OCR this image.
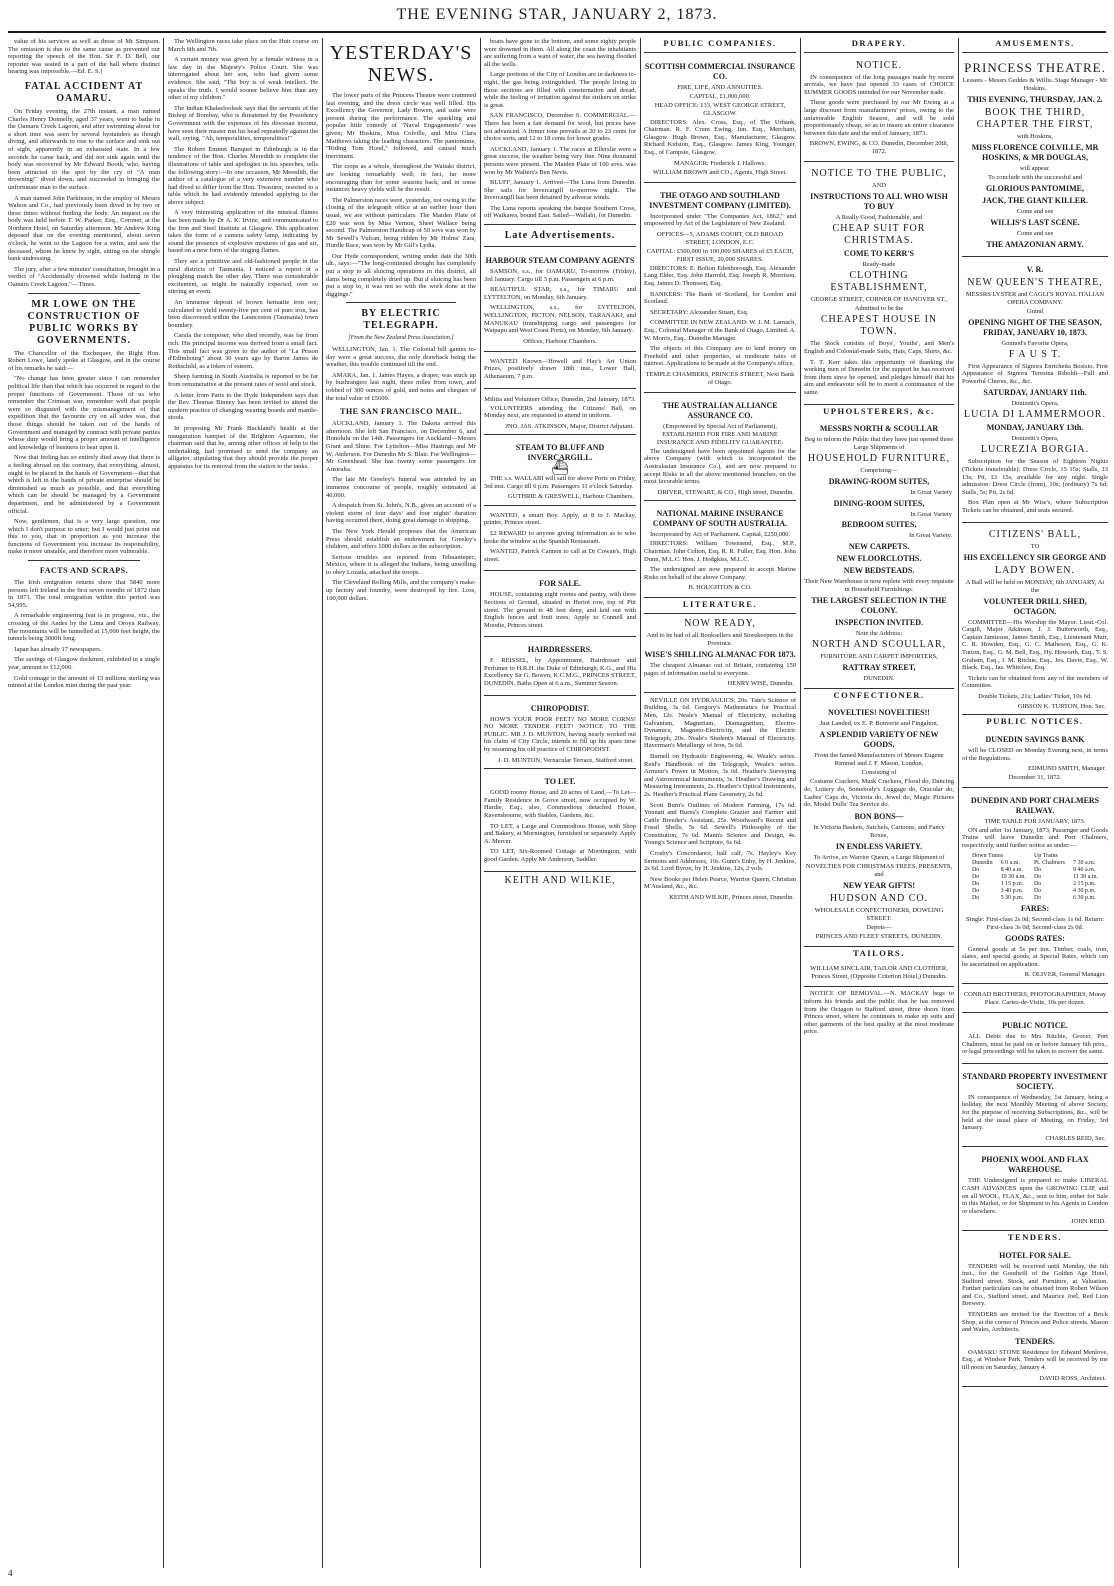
THE EVENING STAR, JANUARY 2, 1873.

value of his services as well as those of Mr Simpson. The omission is due to the same cause as prevented our reporting the speech of the Hon. Sir F. D. Bell, our reporter was seated in a part of the hall where distinct hearing was impossible.—Ed. E. S.]

FATAL ACCIDENT AT OAMARU.

On Friday evening, the 27th instant, a man named Charles Henry Donnelly, aged 37 years, went to bathe in the Oamaru Creek Lagoon, and after swimming about for a short time was seen by several bystanders as though diving, and afterwards to rise to the surface and sink out of sight, apparently in an exhausted state. In a few seconds he came back, and did not sink again until the body was recovered by Mr Edward Booth, who, having been attracted to the spot by the cry of "A man drowning!" dived down, and succeeded in bringing the unfortunate man to the surface.

A man named John Parkinson, in the employ of Messrs Walton and Co., had previously been dived in by two or three times without finding the body. An inquest on the body was held before T. W. Parker, Esq., Coroner, at the Northern Hotel, on Saturday afternoon. Mr Andrew King deposed that on the evening mentioned, about seven o'clock, he went to the Lagoon for a swim, and saw the deceased, whom he knew by sight, sitting on the shingle bank undressing.

The jury, after a few minutes' consultation, brought in a verdict of "Accidentally drowned while bathing in the Oamaru Creek Lagoon."—Times.

MR LOWE ON THE CONSTRUCTION OF PUBLIC WORKS BY GOVERNMENTS.

The Chancellor of the Exchequer, the Right Hon. Robert Lowe, lately spoke at Glasgow, and in the course of his remarks he said:—

"No change has been greater since I can remember political life than that which has occurred in regard to the proper functions of Government. Those of us who remember the Crimean war, remember well that people were so disgusted with the mismanagement of that expedition that the favourite cry on all sides was, that those things should be taken out of the hands of Government and managed by contract with private parties whose duty would bring a proper amount of intelligence and knowledge of business to bear upon it.

Now that feeling has so entirely died away that there is a feeling abroad on the contrary, that everything, almost, ought to be placed in the hands of Government—that that which is left in the hands of private enterprise should be diminished as much as possible, and that everything which can be should be managed by a Government department, and be administered by a Government official.

Now, gentlemen, that is a very large question, one which I don't purpose to enter; but I would just point out this to you, that in proportion as you increase the functions of Government you increase its responsibility, make it more unstable, and therefore more vulnerable.

FACTS AND SCRAPS.

The Irish emigration returns show that 5840 more persons left Ireland in the first seven months of 1872 than in 1871. The total emigration within this period was 54,995.

A remarkable engineering feat is in progress, viz., the crossing of the Andes by the Lima and Oroya Railway. The mountains will be tunnelled at 15,000 feet height, the tunnels being 3000ft long.

Japan has already 17 newspapers.

The savings of Glasgow dockmen, exhibited in a single year, amount to £12,000.

Gold coinage to the amount of 13 millions sterling was minted at the London mint during the past year.

The Wellington races take place on the Hutt course on March 6th and 7th.

A certain money was given by a female witness in a law day in the Majesty's Police Court. She was interrogated about her son, who had given some evidence. She said, "The boy is of weak intellect. He speaks the truth. I would sooner believe him than any other of my children."

The Indian Khaleelooleek says that the servants of the Bishop of Bombay, who is threatened by the Presidency Government with the expenses of his diocesan income, have seen their master run his head repeatedly against the wall, crying, "Ah, temporalities, temporalities!"

The Robert Emmet Banquet in Edinburgh is in the tendency of the Hon. Charles Meredith to complete the illustrations of table and apologies in his speeches, tells the following story:—In one occasion, Mr Meredith, the author of a catalogue of a very extensive number who had dived to differ from the Hon. Treasurer, resorted to a table which he had evidently intended applying to the above subject.

A very interesting application of the musical flames has been made by Dr A. K. Irvine, and communicated to the Iron and Steel Institute at Glasgow. This application takes the form of a camera safety lamp, indicating by sound the presence of explosive mixtures of gas and air, based on a new form of the singing flames.

They are a primitive and old-fashioned people in the rural districts of Tasmania. I noticed a report of a ploughing match the other day. There was considerable excitement, as might be naturally expected, over so stirring an event.

An immense deposit of brown hematite iron ore, calculated to yield twenty-five per cent of pure iron, has been discovered within the Launceston (Tasmania) town boundary.

Carafa the composer, who died recently, was far from rich. His principal income was derived from a small fact. This small fact was given to the author of "La Prison d'Edimbourg" about 30 years ago by Baron James de Rothschild, as a token of esteem.

Sheep farming in South Australia is reported to be far from remunerative at the present rates of wool and stock.

A letter from Paris to the Hyde Independent says that the Rev. Thomas Binney has been invited to attend the modern practice of changing wearing boards and mantle-stools.

In proposing Mr Frank Buckland's health at the inauguration banquet of the Brighton Aquarium, the chairman said that he, among other offices of help to the undertaking, had promised to send the company an alligator, stipulating that they should provide the proper apparatus for its removal from the station to the tanks.

YESTERDAY'S NEWS.

The lower parts of the Princess Theatre were crammed last evening, and the dress circle was well filled. His Excellency the Governor, Lady Bowen, and suite were present during the performance. The sparkling and popular little comedy of "Naval Engagements" was given; Mr Hoskins, Miss Colville, and Miss Clara Matthews taking the leading characters. The pantomime, "Riding Tom Hood," followed, and caused much merriment.

The crops as a whole, throughout the Waitaki district, are looking remarkably well; in fact, far more encouraging than for some seasons back, and in some instances heavy yields will be the result.

The Palmerston races were, yesterday, not owing to the closing of the telegraph office at an earlier hour than usual, we are without particulars. The Maiden Plate of £20 was won by Miss Vernon, Sheet Wallace being second. The Palmerston Handicap of 50 sovs was won by Mr Sewell's Vulcan, being ridden by Mr Holms' Zara, Hurdle Race, was won by Mr Gill's Lydia.

Our Hyde correspondent, writing under date the 30th ult., says:—"The long-continued drought has completely put a stop to all sluicing operations in this district, all dams being completely dried up. But if sluicing has been put a stop to, it was not so with the work done at the diggings."

BY ELECTRIC TELEGRAPH.
[From the New Zealand Press Association.]

WELLINGTON, Jan. 1. The Colonial bill games to-day were a great success, the only drawback being the weather, this trouble continued till the end.

AMARA, Jan. 1. James Hayes, a draper, was stuck up by bushrangers last night, three miles from town, and robbed of 300 ounces of gold, and notes and cheques of the total value of £5600.

THE SAN FRANCISCO MAIL.

AUCKLAND, January 1. The Dakota arrived this afternoon. She left San Francisco, on December 6, and Honolulu on the 14th. Passengers for Auckland—Messrs Grant and Shine. For Lyttelton—Miss Hastings and Mr W. Anderson. For Dunedin Mr S. Blair. For Wellington—Mr Greenhead. She has twenty some passengers for Australia.

The late Mr Greeley's funeral was attended by an immense concourse of people, roughly estimated at 40,000.

A despatch from St. John's, N.B., gives an account of a violent storm of four days' and four nights' duration having occurred there, doing great damage to shipping.

The New York Herald proposes that the American Press should establish an endowment for Greeley's children, and offers 1000 dollars as the subscription.

Serious troubles are reported from Tehuantepec, Mexico, where it is alleged the Indians, being unwilling to obey Lozada, attacked the troops.

The Cleveland Rolling Mills, and the company's make-up factory and foundry, were destroyed by fire. Loss, 100,000 dollars.

boats have gone to the bottom, and some eighty people were drowned in them. All along the coast the inhabitants are suffering from a want of water, the sea having flooded all the wells.

Large portions of the City of London are in darkness to-night, the gas being extinguished. The people living in those sections are filled with consternation and dread, while the feeling of irritation against the strikers on strike is great.

SAN FRANCISCO, December 6. COMMERCIAL.—There has been a fair demand for wool, but prices have not advanced. A firmer tone prevails at 20 to 23 cents for choice sorts, and 12 to 18 cents for lower grades.

AUCKLAND, January 1. The races at Ellerslie were a great success, the weather being very fine. Nine thousand persons were present. The Maiden Plate of 100 sovs. was won by Mr Walters's Ben Nevis.

BLUFF, January 1. Arrived—The Luna from Dunedin. She sails for Invercargill to-morrow night. The Invercargill has been detained by adverse winds.

The Luna reports speaking the barque Southern Cross, off Waikawa, bound East. Sailed—Wallabi, for Dunedin.

Late Advertisements.
HARBOUR STEAM COMPANY AGENTS

SAMSON, s.s., for OAMARU, To-morrow (Friday), 3rd January. Cargo till 3 p.m. Passengers at 6 p.m.

BEAUTIFUL STAR, s.s., for TIMARU and LYTTELTON, on Monday, 6th January.

WELLINGTON, s.s., for LYTTELTON, WELLINGTON, PICTON, NELSON, TARANAKI, and MANUKAU (transhipping cargo and passengers for Waipapu and West Coast Ports), on Monday, 6th January.

Offices, Harbour Chambers.

WANTED Known—Howell and Hay's Art Union Prizes, positively drawn 18th inst., Lower Hall, Athenaeum, 7 p.m.

Militia and Volunteer Office, Dunedin, 2nd January, 1873.

VOLUNTEERS attending the Citizens' Ball, on Monday next, are requested to attend in uniform.

JNO. JAS. ATKINSON, Major, District Adjutant.
STEAM TO BLUFF AND INVERCARGILL.
⛴

THE s.s. WALLABI will sail for above Ports on Friday, 3rd inst. Cargo till 6 p.m. Passengers 11 o'clock Saturday.

GUTHRIE & GRESWELL, Harbour Chambers.

WANTED, a smart Boy. Apply, at 8 to J. Mackay, printer, Princes street.

£2 REWARD to anyone giving information as to who broke the window at the Spanish Restaurant.

WANTED, Patrick Cannon to call at Dr Cowan's, High street.

FOR SALE.

HOUSE, containing eight rooms and pantry, with three Sections of Ground, situated in Heriot row, top of Pitt street. The ground is 48 feet deep, and laid out with English fences and fruit trees. Apply to Connell and Moodie, Princes street.

HAIRDRESSERS.

F. REISSEL, by Appointment, Hairdresser and Perfumer to H.R.H. the Duke of Edinburgh, K.G., and His Excellency Sir G. Bowen, K.C.M.G., PRINCES STREET, DUNEDIN. Baths Open at 6 a.m., Summer Season.

CHIROPODIST.

HOW'S YOUR POOR FEET? NO MORE CORNS! NO MORE TENDER FEET! NOTICE TO THE PUBLIC. MR J. D. MUNTON, having nearly worked out his claim of City Circle, intends to fill up his spare time by resuming his old practice of CHIROPODIST.

J. D. MUNTON, Vernacular Terrace, Stafford street.
TO LET.

GOOD roomy House, and 20 acres of Land,—To Let—Family Residence in Grove street, now occupied by W. Hardie, Esq.; also, Commodious detached House, Ravensbourne, with Stables, Gardens, &c.

TO LET, a Large and Commodious House, with Shop and Bakery, at Mornington, furnished or separately. Apply A. Mercer.

TO LET, Six-Roomed Cottage at Mornington, with good Garden. Apply Mr Anderson, Saddler.

KEITH AND WILKIE,
PUBLIC COMPANIES.
SCOTTISH COMMERCIAL INSURANCE CO.
FIRE, LIFE, AND ANNUITIES.
CAPITAL, £1,000,000.
HEAD OFFICE: 133, WEST GEORGE STREET, GLASGOW.

DIRECTORS: Alex. Cross, Esq., of The Urbank, Chairman. R. F. Crum Ewing, Jun. Esq., Merchant, Glasgow. Hugh Brown, Esq., Manufacturer, Glasgow. Richard Kidston, Esq., Glasgow. James King, Younger, Esq., of Campsie, Glasgow.

MANAGER: Frederick J. Hallows.
WILLIAM BROWN and CO., Agents, High Street.
THE OTAGO AND SOUTHLAND INVESTMENT COMPANY (LIMITED).

Incorporated under "The Companies Act, 1862," and empowered by Act of the Legislature of New Zealand.

OFFICES—5, ADAMS COURT, OLD BROAD STREET, LONDON, E.C.
CAPITAL: £500,000 in 100,000 SHARES of £5 EACH, FIRST ISSUE, 20,000 SHARES.

DIRECTORS: E. Bolton Edenborough, Esq. Alexander Lang Elder, Esq. John Harrold, Esq. Joseph R. Morrison, Esq. James D. Thomson, Esq.

BANKERS: The Bank of Scotland, for London and Scotland.

SECRETARY: Alexander Stuart, Esq.

COMMITTEE IN NEW ZEALAND: W. J. M. Larnach, Esq., Colonial Manager of the Bank of Otago, Limited. A. W. Morris, Esq., Dunedin Manager.

The objects of this Company are to lend money on Freehold and other properties, at moderate rates of interest. Applications to be made at the Company's office,

TEMPLE CHAMBERS, PRINCES STREET, Next Bank of Otago.
THE AUSTRALIAN ALLIANCE ASSURANCE CO.
(Empowered by Special Act of Parliament), ESTABLISHED FOR FIRE AND MARINE INSURANCE AND FIDELITY GUARANTEE.

The undersigned have been appointed Agents for the above Company (with which is incorporated the Australasian Insurance Co.), and are now prepared to accept Risks in all the above mentioned branches, on the most favorable terms.

DRIVER, STEWART, & CO., High street, Dunedin.
NATIONAL MARINE INSURANCE COMPANY OF SOUTH AUSTRALIA.
Incorporated by Act of Parliament. Capital, £250,000.

DIRECTORS: William Townsend, Esq., M.P., Chairman. John Colton, Esq. R. R. Fuller, Esq. Hon. John Dunn, M.L.C. Hon. J. Hodgkiss, M.L.C.

The undersigned are now prepared to accept Marine Risks on behalf of the above Company.

H. HOUGHTON & CO.
LITERATURE.
NOW READY,
And to be had of all Booksellers and Storekeepers in the Province.
WISE'S SHILLING ALMANAC FOR 1873.

The cheapest Almanac out of Britain, containing 150 pages of information useful to everyone.

HENRY WISE, Dunedin.

NEVILLE ON HYDRAULICS, 20s. Tate's Science of Building, 3s 6d. Gregory's Mathematics for Practical Men, 12s. Neale's Manual of Electricity, including Galvanism, Magnetism, Diamagnetism, Electro-Dynamics, Magneto-Electricity, and the Electric Telegraph, 20s. Neale's Student's Manual of Electricity. Haverman's Metallurgy of Iron, 5s 6d.

Burnell on Hydraulic Engineering, 4s. Weale's series. Reid's Handbook of the Telegraph, Weale's series. Armour's Power in Motion, 3s 6d. Heather's Surveying and Astronomical Instruments, 3s. Heather's Drawing and Measuring Instruments, 2s. Heather's Optical Instruments, 2s. Heather's Practical Plane Geometry, 2s 6d.

Scott Burn's Outlines of Modern Farming, 17s 6d. Younatt and Burns's Complete Grazier and Farmer and Cattle Breeder's Assistant, 25s. Woodward's Recent and Fossil Shells, 5s 6d. Sewell's Philosophy of the Constitution, 7s 6d. Mann's Science and Design, 4s. Young's Science and Scripture, 6s 6d.

Crosby's Concordance, half calf, 7s. Hayley's Key Sermons and Addresses, 10s. Gunn's Enhy, by H. Jenkins, 2s 6d. Lord Byron, by H. Jenkins, 12s, 2 vols.

New Books per Helen Pearce, Warrior Queen, Christian M'Ausland, &c., &c.

KEITH AND WILKIE, Princes street, Dunedin.
DRAPERY.
NOTICE.

IN consequence of the long passages made by recent arrivals, we have just opened 33 cases of CHOICE SUMMER GOODS intended for our November trade.

These goods were purchased by our Mr Ewing at a large discount from manufacturers' prices, owing to the unfavorable English Season, and will be sold proportionately cheap, so as to insure an entire clearance between this date and the end of January, 1873.

BROWN, EWING, & CO. Dunedin, December 20th, 1872.
NOTICE TO THE PUBLIC,
AND
INSTRUCTIONS TO ALL WHO WISH TO BUY
A Really Good, Fashionable, and
CHEAP SUIT FOR CHRISTMAS.
COME TO KERR'S
Ready-made
CLOTHING ESTABLISHMENT,
GEORGE STREET, CORNER OF HANOVER ST.,
Admitted to be the
CHEAPEST HOUSE IN TOWN.

The Stock consists of Boys', Youths', and Men's English and Colonial-made Suits, Hats, Caps, Shirts, &c.

T. T. Kerr takes this opportunity of thanking the working men of Dunedin for the support he has received from them since he opened, and pledges himself that his aim and endeavour will be to merit a continuance of the same.

UPHOLSTERERS, &c.
MESSRS NORTH & SCOULLAR
Beg to inform the Public that they have just opened three Large Shipments of
HOUSEHOLD FURNITURE,
Comprising—
DRAWING-ROOM SUITES,
In Great Variety
DINING-ROOM SUITES,
In Great Variety
BEDROOM SUITES,
In Great Variety.
NEW CARPETS.
NEW FLOORCLOTHS.
NEW BEDSTEADS.
Their New Warehouse is now replete with every requisite in Household Furnishings.
THE LARGEST SELECTION IN THE COLONY.
INSPECTION INVITED.
Note the Address:
NORTH AND SCOULLAR,
FURNITURE AND CARPET IMPORTERS,
RATTRAY STREET,
DUNEDIN.
CONFECTIONER.
NOVELTIES! NOVELTIES!!
Just Landed, ex E. P. Bouverie and Fingalton,
A SPLENDID VARIETY OF NEW GOODS,
From the famed Manufacturers of Messrs Eugene Rimmel and J. F. Mason, London,
Consisting of

Costume Crackers, Musk Crackers, Floral do, Dancing do, Lottery do, Somebody's Luggage do, Oracular do, Ladies' Caps do, Victoria do, Jewel do, Magic Pictures do, Model Dolls' Tea Service do.

BON BONS—
In Victoria Baskets, Satchels, Cartoons, and Fancy Boxes,
IN ENDLESS VARIETY.
To Arrive, ex Warrior Queen, a Large Shipment of
NOVELTIES FOR CHRISTMAS TREES, PRESENTS, and
NEW YEAR GIFTS!
HUDSON AND CO.
WHOLESALE CONFECTIONERS, DOWLING STREET.
Depots—
PRINCES AND FLEET STREETS, DUNEDIN.
TAILORS.
WILLIAM SINCLAIR, TAILOR AND CLOTHIER, Princes Street, (Opposite Criterion Hotel,) Dunedin.

NOTICE OF REMOVAL.—N. MACKAY begs to inform his friends and the public that he has removed from the Octagon to Stafford street, three doors from Princes street, where he continues to make up suits and other garments of the best quality at the most moderate price.

AMUSEMENTS.
PRINCESS THEATRE.
Lessees - Messrs Geddes & Willis. Stage Manager - Mr Hoskins.
THIS EVENING, THURSDAY, JAN. 2.
BOOK THE THIRD, CHAPTER THE FIRST,
with Hoskins,
MISS FLORENCE COLVILLE, MR HOSKINS, & MR DOUGLAS,
will appear.
To conclude with the successful and
GLORIOUS PANTOMIME,
JACK, THE GIANT KILLER.
Come and see
WILLIS'S LAST SCENE.
Come and see
THE AMAZONIAN ARMY.
V. R.
NEW QUEEN'S THEATRE,
MESSRS LYSTER and CAGLI'S ROYAL ITALIAN OPERA COMPANY.
Grand
OPENING NIGHT OF THE SEASON, FRIDAY, JANUARY 10, 1873.
Gounod's Favorite Opera,
F A U S T.

First Appearance of Signora Enrichetta Bosisio. First Appearance of Signora Teresina Riboldi—Full and Powerful Chorus, &c., &c.

SATURDAY, JANUARY 11th.
Donizetti's Opera,
LUCIA DI LAMMERMOOR.
MONDAY, JANUARY 13th.
Donizetti's Opera,
LUCREZIA BORGIA.

Subscription for the Season of Eighteen Nights (Tickets transferable): Dress Circle, 15 15s; Stalls, 13 13s; Pit, £1 15s, available for any night. Single admission: Dress Circle (front), 10s; (ordinary) 7s 6d; Stalls, 5s; Pit, 2s 6d.

Box Plan open at Mr Wise's, where Subscription Tickets can be obtained, and seats secured.

CITIZENS' BALL,
TO
HIS EXCELLENCY SIR GEORGE AND
LADY BOWEN.
A Ball will be held on MONDAY, 6th JANUARY, At the
VOLUNTEER DRILL SHED, OCTAGON.

COMMITTEE—His Worship the Mayor. Lieut.-Col. Cargill, Major Atkinson, J. J. Butterworth, Esq., Captain Jamieson, James Smith, Esq., Lieutenant Muir, C. R. Howden, Esq., G. C. Matheson, Esq., G. K. Turton, Esq., G. M. Bell, Esq., Hy. Howorth, Esq., T. S. Graham, Esq., J. M. Ritchie, Esq., Jos. Davie, Esq., W. Black, Esq., Jas. Whitelaw, Esq.

Tickets can be obtained from any of the members of Committee.

Double Tickets, 21s; Ladies' Ticket, 10s 6d.
GIBSON K. TURTON, Hon. Sec.
PUBLIC NOTICES.
DUNEDIN SAVINGS BANK

will be CLOSED on Monday Evening next, in terms of the Regulations.

EDMUND SMITH, Manager.
December 31, 1872.
DUNEDIN AND PORT CHALMERS RAILWAY.
TIME TABLE FOR JANUARY, 1873.

ON and after 1st January, 1873, Passenger and Goods Trains will leave Dunedin and Port Chalmers, respectively, until further notice as under:—

Down Trains		Up Trains	
Dunedin	6 0 a.m.	Pt. Chalmers	7 30 a.m.
Do	8 40 a.m.	Do	9 40 a.m.
Do	10 30 a.m.	Do	11 30 a.m.
Do	1 15 p.m.	Do	2 15 p.m.
Do	3 40 p.m.	Do	4 30 p.m.
Do	5 30 p.m.	Do	6 30 p.m.
FARES:
Single: First-class 2s 0d; Second-class 1s 6d. Return: First-class 3s 0d; Second-class 2s 0d.
GOODS RATES:

General goods at 5s per ton. Timber, coals, iron, slates, and special goods, at Special Rates, which can be ascertained on application.

R. OLIVER, General Manager.
CONRAD BROTHERS, PHOTOGRAPHERS, Moray Place. Cartes-de-Visite, 10s per dozen.
PUBLIC NOTICE.

ALL Debts due to Mrs Ritchie, Grocer, Port Chalmers, must be paid on or before January 6th prox., or legal proceedings will be taken to recover the same.

STANDARD PROPERTY INVESTMENT SOCIETY.

IN consequence of Wednesday, 1st January, being a holiday, the next Monthly Meeting of above Society, for the purpose of receiving Subscriptions, &c., will be held at the usual place of Meeting, on Friday, 3rd January.

CHARLES REID, Sec.
PHOENIX WOOL AND FLAX WAREHOUSE.

THE Undersigned is prepared to make LIBERAL CASH ADVANCES upon the GROWING CLIP, and on all WOOL, FLAX, &c., sent to him, either for Sale in this Market, or for Shipment to his Agents in London or elsewhere.

JOHN REID.
TENDERS.
HOTEL FOR SALE.

TENDERS will be received until Monday, the 6th inst., for the Goodwill of the Golden Age Hotel, Stafford street. Stock, and Furniture, at Valuation. Further particulars can be obtained from Robert Wilson and Co., Stafford street, and Maurice Joel, Red Lion Brewery.

TENDERS are invited for the Erection of a Brick Shop, at the corner of Princes and Police streets. Mason and Wales, Architects.

TENDERS.

OAMARU STONE Residence for Edward Menlove, Esq., at Windsor Park. Tenders will be received by me till noon on Saturday, January 4.

DAVID ROSS, Architect.
4
